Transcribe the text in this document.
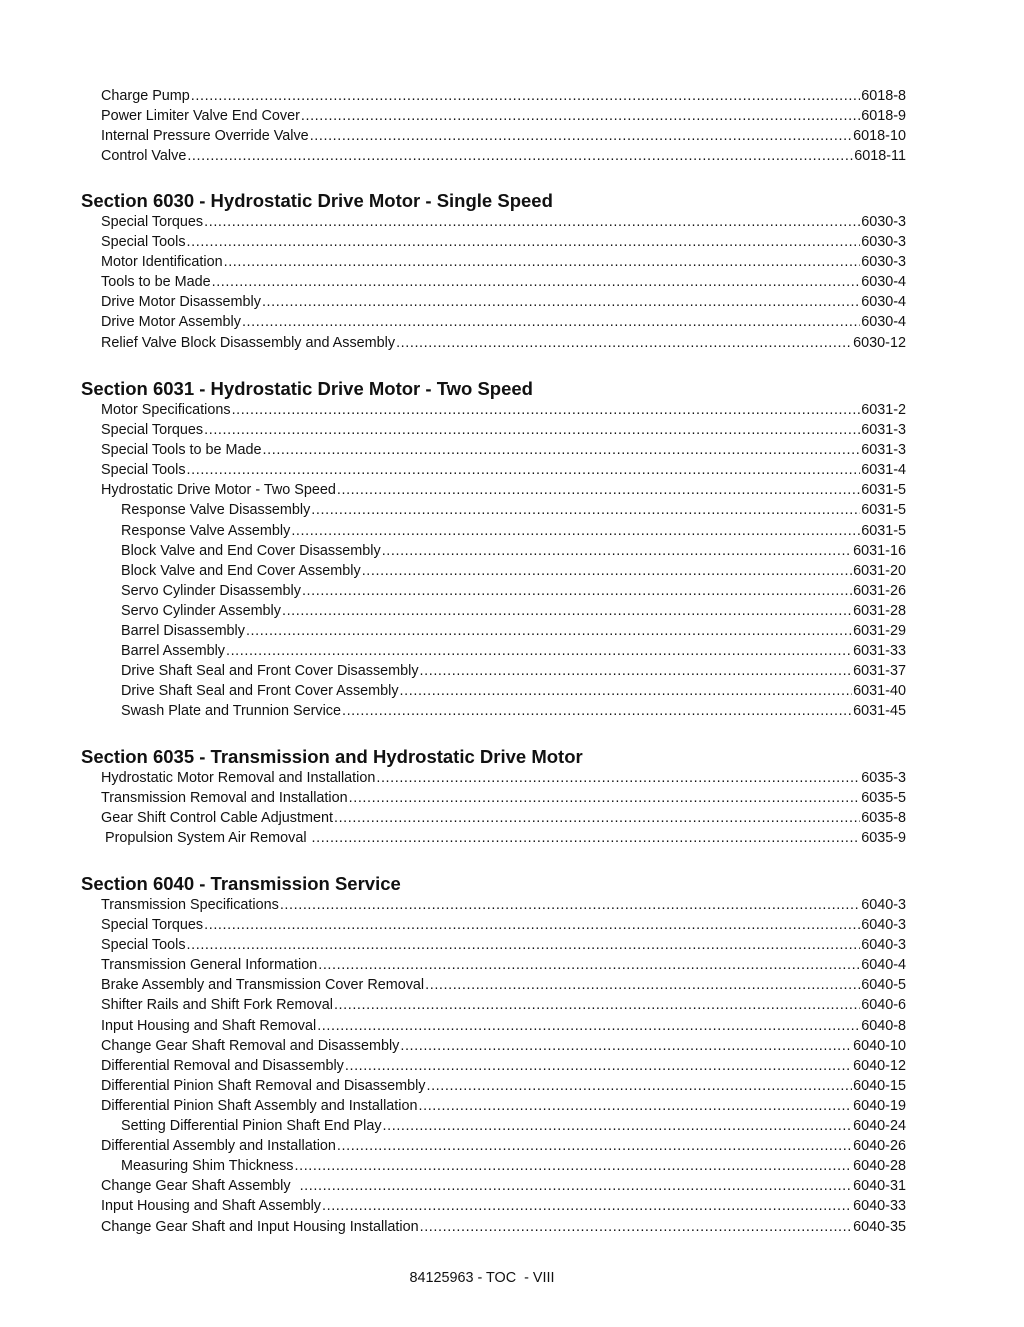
Charge Pump .....	6018-8
Power Limiter Valve End Cover .....	6018-9
Internal Pressure Override Valve .....	6018-10
Control Valve .....	6018-11
Section 6030 - Hydrostatic Drive Motor - Single Speed
Special Torques .....	6030-3
Special Tools .....	6030-3
Motor Identification .....	6030-3
Tools to be Made .....	6030-4
Drive Motor Disassembly .....	6030-4
Drive Motor Assembly .....	6030-4
Relief Valve Block Disassembly and Assembly .....	6030-12
Section 6031 - Hydrostatic Drive Motor - Two Speed
Motor Specifications .....	6031-2
Special Torques .....	6031-3
Special Tools to be Made .....	6031-3
Special Tools .....	6031-4
Hydrostatic Drive Motor - Two Speed .....	6031-5
Response Valve Disassembly .....	6031-5
Response Valve Assembly .....	6031-5
Block Valve and End Cover Disassembly .....	6031-16
Block Valve and End Cover Assembly .....	6031-20
Servo Cylinder Disassembly .....	6031-26
Servo Cylinder Assembly .....	6031-28
Barrel Disassembly .....	6031-29
Barrel Assembly .....	6031-33
Drive Shaft Seal and Front Cover Disassembly .....	6031-37
Drive Shaft Seal and Front Cover Assembly .....	6031-40
Swash Plate and Trunnion Service .....	6031-45
Section 6035 - Transmission and Hydrostatic Drive Motor
Hydrostatic Motor Removal and Installation .....	6035-3
Transmission Removal and Installation .....	6035-5
Gear Shift Control Cable Adjustment .....	6035-8
Propulsion System Air Removal .....	6035-9
Section 6040 - Transmission Service
Transmission Specifications .....	6040-3
Special Torques .....	6040-3
Special Tools .....	6040-3
Transmission General Information .....	6040-4
Brake Assembly and Transmission Cover Removal .....	6040-5
Shifter Rails and Shift Fork Removal .....	6040-6
Input Housing and Shaft Removal .....	6040-8
Change Gear Shaft Removal and Disassembly .....	6040-10
Differential Removal and Disassembly .....	6040-12
Differential Pinion Shaft Removal and Disassembly .....	6040-15
Differential Pinion Shaft Assembly and Installation .....	6040-19
Setting Differential Pinion Shaft End Play .....	6040-24
Differential Assembly and Installation .....	6040-26
Measuring Shim Thickness .....	6040-28
Change Gear Shaft Assembly .....	6040-31
Input Housing and Shaft Assembly .....	6040-33
Change Gear Shaft and Input Housing Installation .....	6040-35
84125963 - TOC  - VIII
